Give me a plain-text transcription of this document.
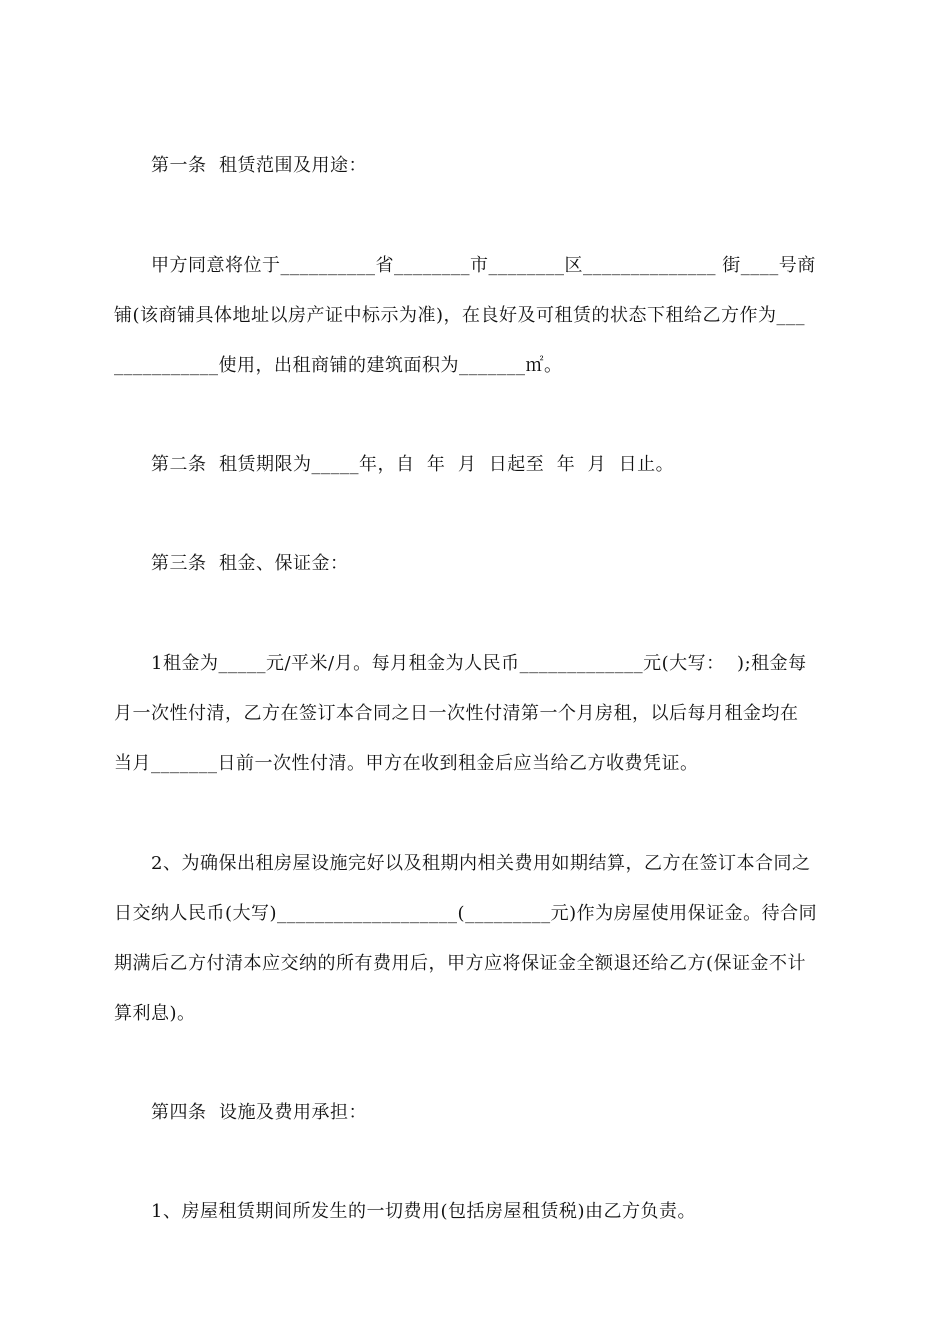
第一条  租赁范围及用途：
甲方同意将位于__________省________市________区______________ 街____号商
铺(该商铺具体地址以房产证中标示为准)，在良好及可租赁的状态下租给乙方作为___
___________使用，出租商铺的建筑面积为_______㎡。
第二条  租赁期限为_____年，自  年  月  日起至  年  月  日止。
第三条  租金、保证金：
1租金为_____元/平米/月。每月租金为人民币_____________元(大写：  );租金每
月一次性付清，乙方在签订本合同之日一次性付清第一个月房租，以后每月租金均在
当月_______日前一次性付清。甲方在收到租金后应当给乙方收费凭证。
2、为确保出租房屋设施完好以及租期内相关费用如期结算，乙方在签订本合同之
日交纳人民币(大写)___________________(_________元)作为房屋使用保证金。待合同
期满后乙方付清本应交纳的所有费用后，甲方应将保证金全额退还给乙方(保证金不计
算利息)。
第四条  设施及费用承担：
1、房屋租赁期间所发生的一切费用(包括房屋租赁税)由乙方负责。
